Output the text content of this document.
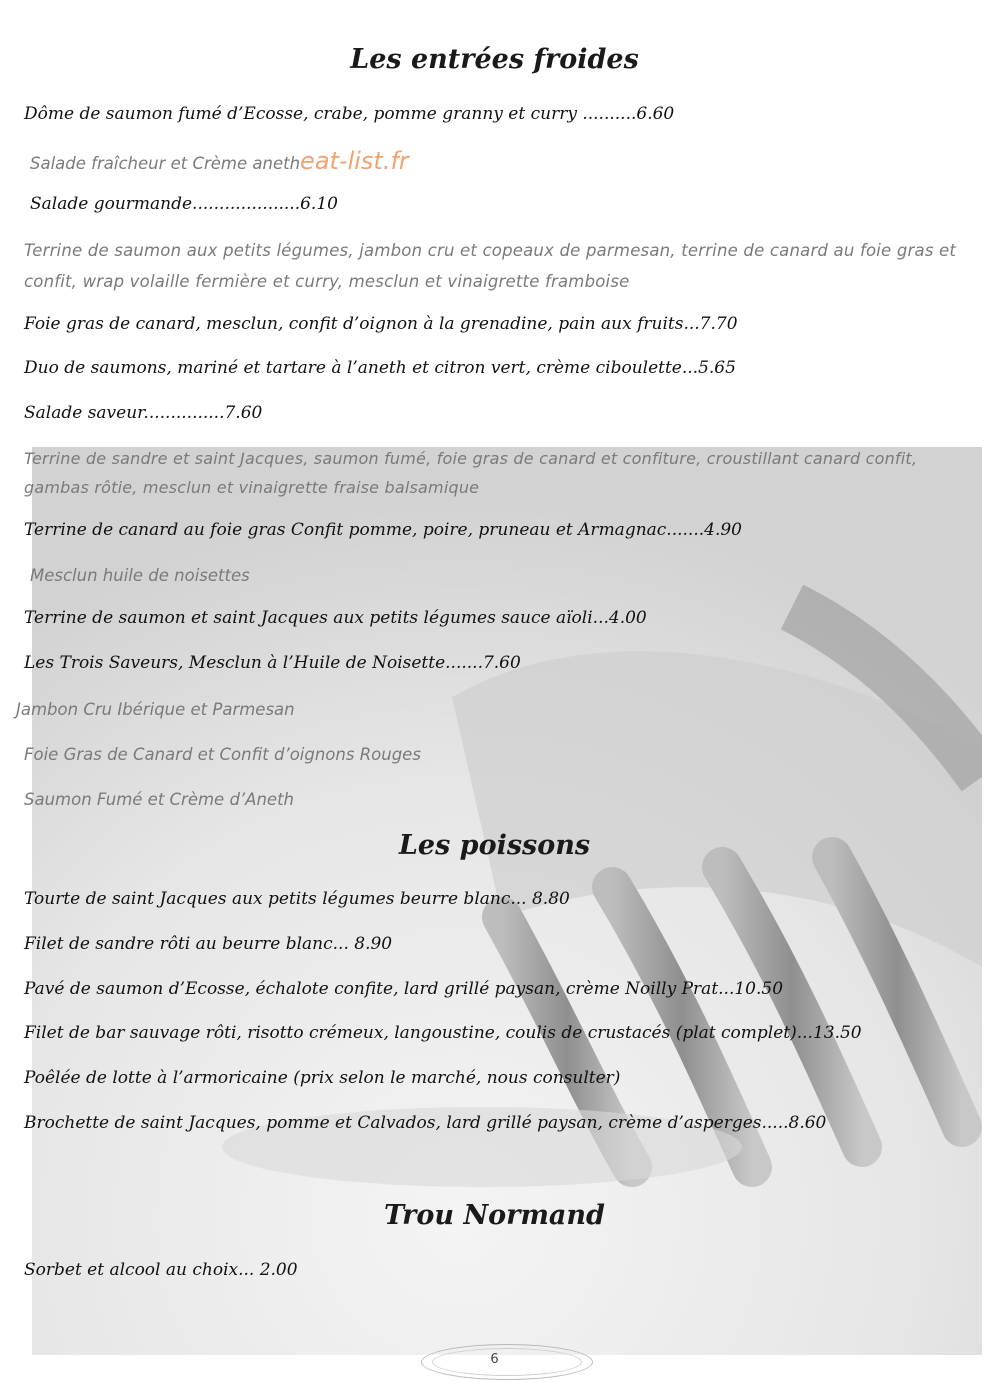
Les entrées froides
Dôme de saumon fumé d’Ecosse, crabe, pomme granny et curry ..........6.60
Salade fraîcheur et Crème anetheat-list.fr
Salade gourmande....................6.10
Terrine de saumon aux petits légumes, jambon cru et copeaux de parmesan, terrine de canard au foie gras et confit, wrap volaille fermière et curry, mesclun et vinaigrette framboise
Foie gras de canard, mesclun, confit d’oignon à la grenadine, pain aux fruits...7.70
Duo de saumons, mariné et tartare à l’aneth et citron vert, crème ciboulette...5.65
Salade saveur...............7.60
Terrine de sandre et saint Jacques, saumon fumé, foie gras de canard et confiture, croustillant canard confit, gambas rôtie, mesclun et vinaigrette fraise balsamique
Terrine de canard au foie gras Confit pomme, poire, pruneau et Armagnac.......4.90
Mesclun huile de noisettes
Terrine de saumon et saint Jacques aux petits légumes sauce aïoli...4.00
Les Trois Saveurs, Mesclun à l’Huile de Noisette.......7.60
Jambon Cru Ibérique et Parmesan
Foie Gras de Canard et Confit d’oignons Rouges
Saumon Fumé et Crème d’Aneth
Les poissons
Tourte de saint Jacques aux petits légumes beurre blanc... 8.80
Filet de sandre rôti au beurre blanc... 8.90
Pavé de saumon d’Ecosse, échalote confite, lard grillé paysan, crème Noilly Prat...10.50
Filet de bar sauvage rôti, risotto crémeux, langoustine, coulis de crustacés (plat complet)...13.50
Poêlée de lotte à l’armoricaine (prix selon le marché, nous consulter)
Brochette de saint Jacques, pomme et Calvados, lard grillé paysan, crème d’asperges.....8.60
Trou Normand
Sorbet et alcool au choix... 2.00
6
